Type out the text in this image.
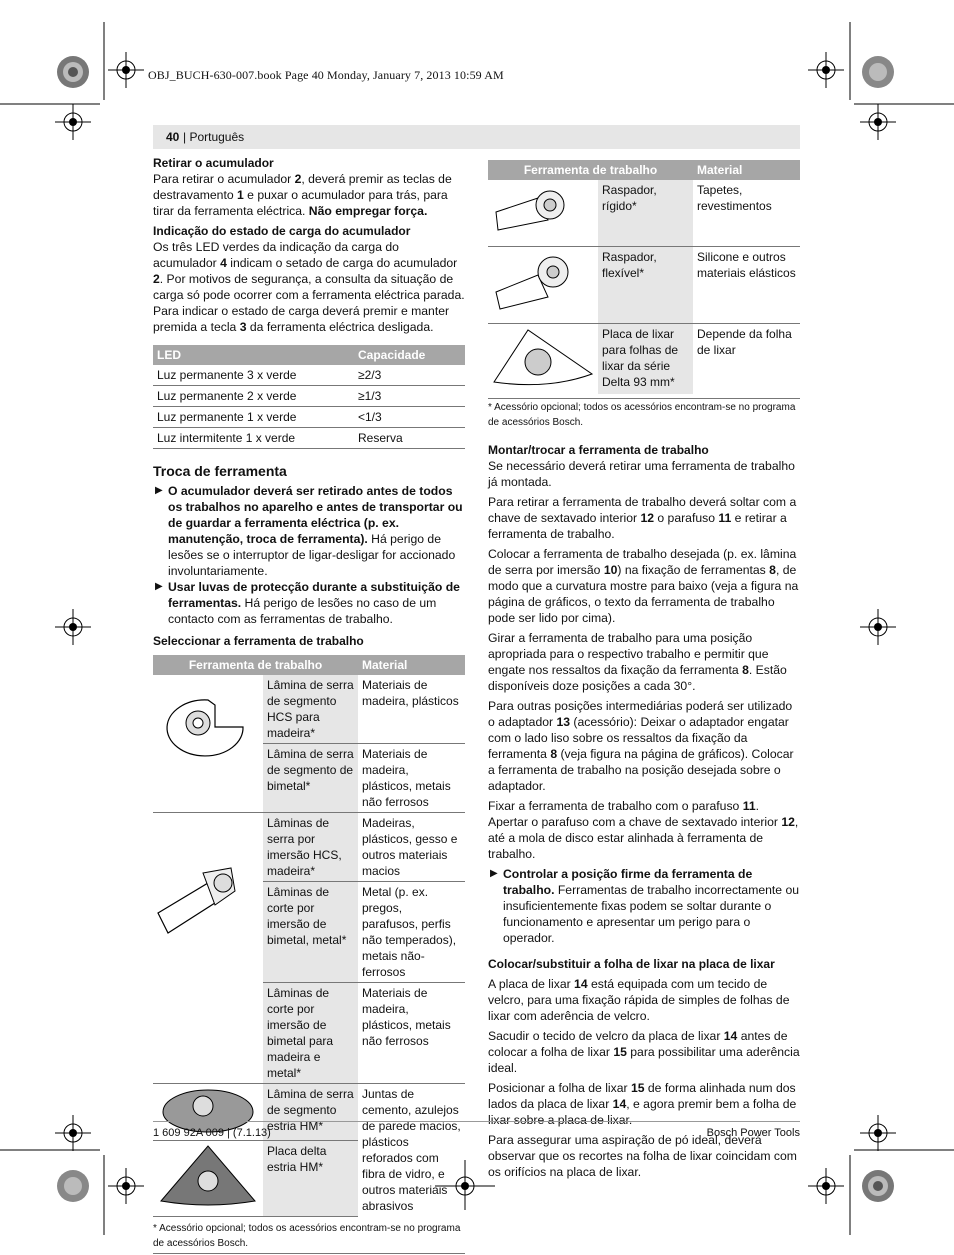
OBJ_BUCH-630-007.book Page 40 Monday, January 7, 2013 10:59 AM
40 | Português
Retirar o acumulador

Para retirar o acumulador 2, deverá premir as teclas de destravamento 1 e puxar o acumulador para trás, para tirar da ferramenta eléctrica. Não empregar força.

Indicação do estado de carga do acumulador

Os três LED verdes da indicação da carga do acumulador 4 indicam o setado de carga do acumulador 2. Por motivos de segurança, a consulta da situação de carga só pode ocorrer com a ferramenta eléctrica parada.

Para indicar o estado de carga deverá premir e manter premida a tecla 3 da ferramenta eléctrica desligada.

LED	Capacidade
Luz permanente 3 x verde	≥2/3
Luz permanente 2 x verde	≥1/3
Luz permanente 1 x verde	<1/3
Luz intermitente 1 x verde	Reserva
Troca de ferramenta
▶ O acumulador deverá ser retirado antes de todos os trabalhos no aparelho e antes de transportar ou de guardar a ferramenta eléctrica (p. ex. manutenção, troca de ferramenta). Há perigo de lesões se o interruptor de ligar-desligar for accionado involuntariamente.
▶ Usar luvas de protecção durante a substituição de ferramentas. Há perigo de lesões no caso de um contacto com as ferramentas de trabalho.
Seleccionar a ferramenta de trabalho
Ferramenta de trabalho		Material
	Lâmina de serra de segmento HCS para madeira*	Materiais de madeira, plásticos
	Lâmina de serra de segmento de bimetal*	Materiais de madeira, plásticos, metais não ferrosos
	Lâminas de serra por imersão HCS, madeira*	Madeiras, plásticos, gesso e outros materiais macios
	Lâminas de corte por imersão de bimetal, metal*	Metal (p. ex. pregos, parafusos, perfis não temperados), metais não-ferrosos
	Lâminas de corte por imersão de bimetal para madeira e metal*	Materiais de madeira, plásticos, metais não ferrosos
	Lâmina de serra de segmento estria HM*	Juntas de cemento, azulejos de parede macios, plásticos reforados com fibra de vidro, e outros materiais abrasivos
	Placa delta estria HM*	
* Acessório opcional; todos os acessórios encontram-se no programa de acessórios Bosch.
Ferramenta de trabalho		Material
	Raspador, rígido*	Tapetes, revestimentos
	Raspador, flexível*	Silicone e outros materiais elásticos
	Placa de lixar para folhas de lixar da série Delta 93 mm*	Depende da folha de lixar
* Acessório opcional; todos os acessórios encontram-se no programa de acessórios Bosch.
Montar/trocar a ferramenta de trabalho

Se necessário deverá retirar uma ferramenta de trabalho já montada.

Para retirar a ferramenta de trabalho deverá soltar com a chave de sextavado interior 12 o parafuso 11 e retirar a ferramenta de trabalho.

Colocar a ferramenta de trabalho desejada (p. ex. lâmina de serra por imersão 10) na fixação de ferramentas 8, de modo que a curvatura mostre para baixo (veja a figura na página de gráficos, o texto da ferramenta de trabalho pode ser lido por cima).

Girar a ferramenta de trabalho para uma posição apropriada para o respectivo trabalho e permitir que engate nos ressaltos da fixação da ferramenta 8. Estão disponíveis doze posições a cada 30°.

Para outras posições intermediárias poderá ser utilizado o adaptador 13 (acessório): Deixar o adaptador engatar com o lado liso sobre os ressaltos da fixação da ferramenta 8 (veja figura na página de gráficos). Colocar a ferramenta de trabalho na posição desejada sobre o adaptador.

Fixar a ferramenta de trabalho com o parafuso 11. Apertar o parafuso com a chave de sextavado interior 12, até a mola de disco estar alinhada à ferramenta de trabalho.

▶ Controlar a posição firme da ferramenta de trabalho. Ferramentas de trabalho incorrectamente ou insuficientemente fixas podem se soltar durante o funcionamento e apresentar um perigo para o operador.
Colocar/substituir a folha de lixar na placa de lixar

A placa de lixar 14 está equipada com um tecido de velcro, para uma fixação rápida de simples de folhas de lixar com aderência de velcro.

Sacudir o tecido de velcro da placa de lixar 14 antes de colocar a folha de lixar 15 para possibilitar uma aderência ideal.

Posicionar a folha de lixar 15 de forma alinhada num dos lados da placa de lixar 14, e agora premir bem a folha de lixar sobre a placa de lixar.

Para assegurar uma aspiração de pó ideal, deverá observar que os recortes na folha de lixar coincidam com os orifícios na placa de lixar.

1 609 92A 009 | (7.1.13)	Bosch Power Tools
